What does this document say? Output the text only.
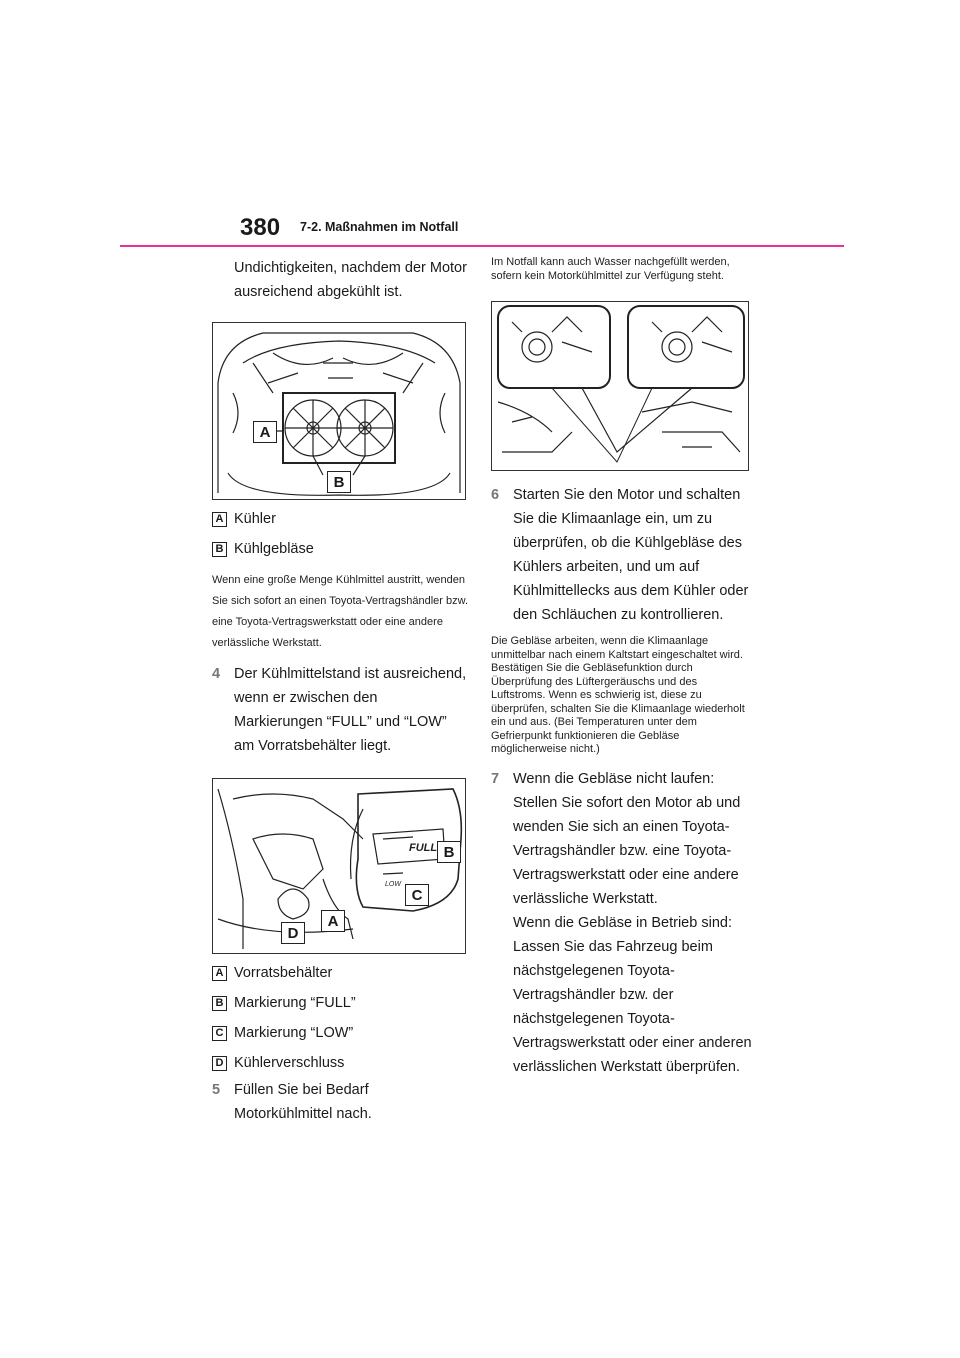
380 7-2. Maßnahmen im Notfall

Undichtigkeiten, nachdem der Motor ausreichend abgekühlt ist.

A
B
A Kühler
B Kühlgebläse

Wenn eine große Menge Kühlmittel austritt, wenden Sie sich sofort an einen Toyota-Vertragshändler bzw. eine Toyota-Vertragswerkstatt oder eine andere verlässliche Werkstatt.

4 Der Kühlmittelstand ist ausreichend, wenn er zwischen den Markierungen “FULL” und “LOW” am Vorratsbehälter liegt.
FULL
LOW
B
C
A
D
A Vorratsbehälter
B Markierung “FULL”
C Markierung “LOW”
D Kühlerverschluss
5 Füllen Sie bei Bedarf Motorkühlmittel nach.

Im Notfall kann auch Wasser nachgefüllt werden, sofern kein Motorkühlmittel zur Verfügung steht.

6 Starten Sie den Motor und schalten Sie die Klimaanlage ein, um zu überprüfen, ob die Kühlgebläse des Kühlers arbeiten, und um auf Kühlmittellecks aus dem Kühler oder den Schläuchen zu kontrollieren.

Die Gebläse arbeiten, wenn die Klimaanlage unmittelbar nach einem Kaltstart eingeschaltet wird. Bestätigen Sie die Gebläsefunktion durch Überprüfung des Lüftergeräuschs und des Luftstroms. Wenn es schwierig ist, diese zu überprüfen, schalten Sie die Klimaanlage wiederholt ein und aus. (Bei Temperaturen unter dem Gefrierpunkt funktionieren die Gebläse möglicherweise nicht.)

7 Wenn die Gebläse nicht laufen: Stellen Sie sofort den Motor ab und wenden Sie sich an einen Toyota-Vertragshändler bzw. eine Toyota-Vertragswerkstatt oder eine andere verlässliche Werkstatt.
Wenn die Gebläse in Betrieb sind: Lassen Sie das Fahrzeug beim nächstgelegenen Toyota-Vertragshändler bzw. der nächstgelegenen Toyota-Vertragswerkstatt oder einer anderen verlässlichen Werkstatt überprüfen.
